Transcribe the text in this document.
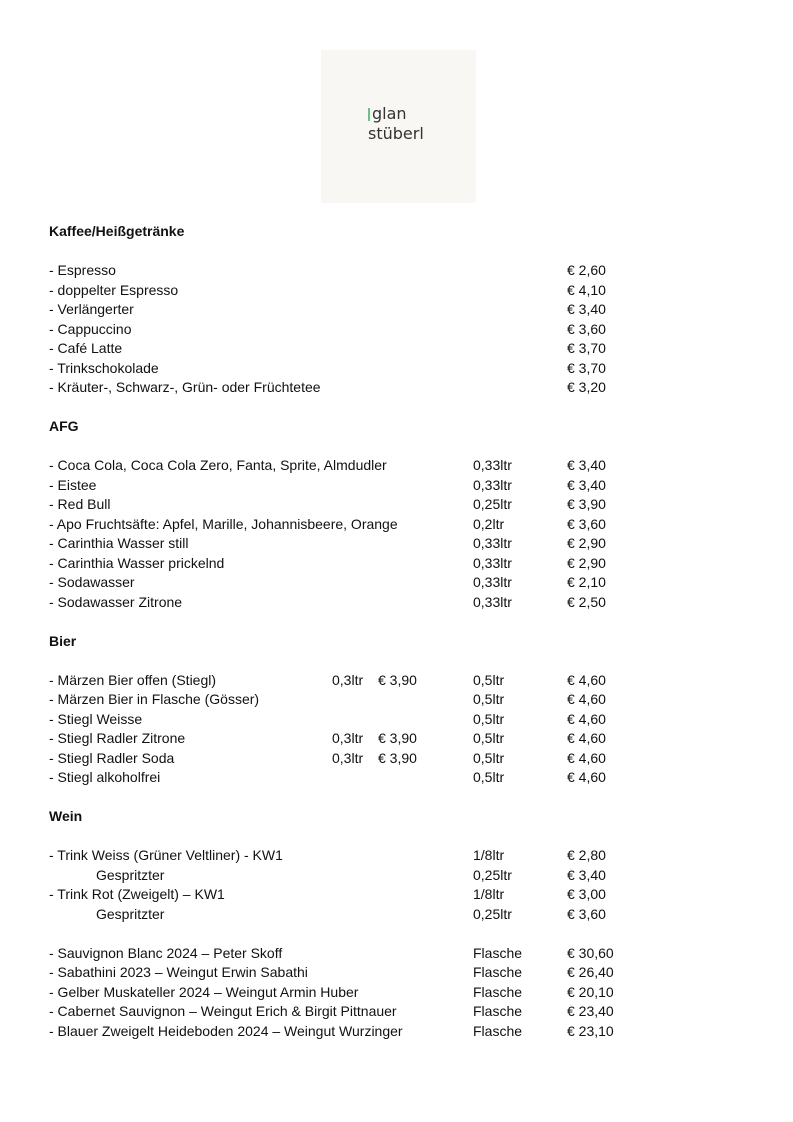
glan
stüberl
Kaffee/Heißgetränke
- Espresso	€ 2,60
- doppelter Espresso	€ 4,10
- Verlängerter	€ 3,40
- Cappuccino	€ 3,60
- Café Latte	€ 3,70
- Trinkschokolade	€ 3,70
- Kräuter-, Schwarz-, Grün- oder Früchtetee	€ 3,20
AFG
- Coca Cola, Coca Cola Zero, Fanta, Sprite, Almdudler	0,33ltr	€ 3,40
- Eistee	0,33ltr	€ 3,40
- Red Bull	0,25ltr	€ 3,90
- Apo Fruchtsäfte: Apfel, Marille, Johannisbeere, Orange	0,2ltr	€ 3,60
- Carinthia Wasser still	0,33ltr	€ 2,90
- Carinthia Wasser prickelnd	0,33ltr	€ 2,90
- Sodawasser	0,33ltr	€ 2,10
- Sodawasser Zitrone	0,33ltr	€ 2,50
Bier
- Märzen Bier offen (Stiegl)	0,3ltr € 3,90	0,5ltr	€ 4,60
- Märzen Bier in Flasche (Gösser)	0,5ltr	€ 4,60
- Stiegl Weisse	0,5ltr	€ 4,60
- Stiegl Radler Zitrone	0,3ltr € 3,90	0,5ltr	€ 4,60
- Stiegl Radler Soda	0,3ltr € 3,90	0,5ltr	€ 4,60
- Stiegl alkoholfrei	0,5ltr	€ 4,60
Wein
- Trink Weiss (Grüner Veltliner) - KW1	1/8ltr	€ 2,80
Gespritzter	0,25ltr	€ 3,40
- Trink Rot (Zweigelt) – KW1	1/8ltr	€ 3,00
Gespritzter	0,25ltr	€ 3,60
- Sauvignon Blanc 2024 – Peter Skoff	Flasche	€ 30,60
- Sabathini 2023 – Weingut Erwin Sabathi	Flasche	€ 26,40
- Gelber Muskateller 2024 – Weingut Armin Huber	Flasche	€ 20,10
- Cabernet Sauvignon – Weingut Erich & Birgit Pittnauer	Flasche	€ 23,40
- Blauer Zweigelt Heideboden 2024 – Weingut Wurzinger	Flasche	€ 23,10
